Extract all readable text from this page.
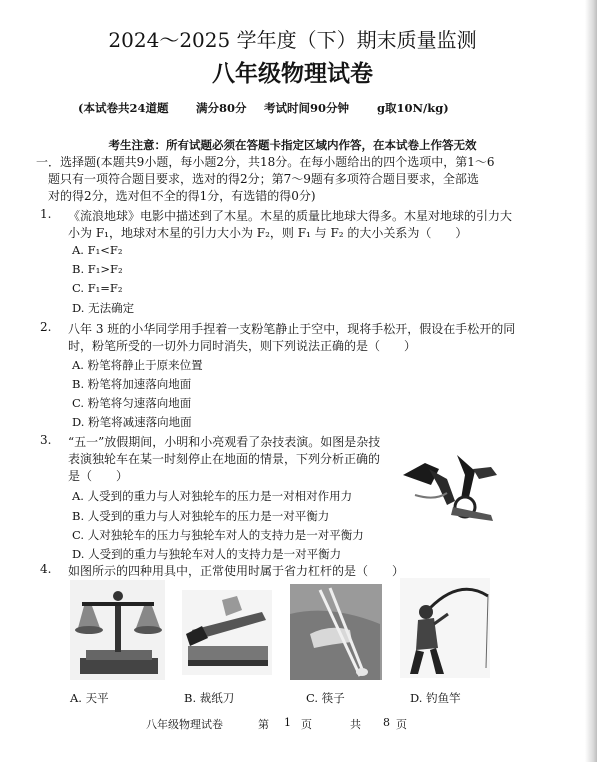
2024～2025 学年度（下）期末质量监测
八年级物理试卷
(本试卷共24道题 满分80分 考试时间90分钟 g取10N/kg)
考生注意：所有试题必须在答题卡指定区域内作答，在本试卷上作答无效
一．选择题(本题共9小题，每小题2分，共18分。在每小题给出的四个选项中，第1～6
题只有一项符合题目要求，选对的得2分；第7～9题有多项符合题目要求，全部选
对的得2分，选对但不全的得1分，有选错的得0分)
1. 《流浪地球》电影中描述到了木星。木星的质量比地球大得多。木星对地球的引力大
小为 F₁，地球对木星的引力大小为 F₂，则 F₁ 与 F₂ 的大小关系为（　　）
A. F₁<F₂
B. F₁>F₂
C. F₁=F₂
D. 无法确定
2. 八年 3 班的小华同学用手捏着一支粉笔静止于空中，现将手松开，假设在手松开的同
时，粉笔所受的一切外力同时消失，则下列说法正确的是（　　）
A. 粉笔将静止于原来位置
B. 粉笔将加速落向地面
C. 粉笔将匀速落向地面
D. 粉笔将减速落向地面
3. “五一”放假期间，小明和小亮观看了杂技表演。如图是杂技
表演独轮车在某一时刻停止在地面的情景，下列分析正确的
是（　　）
A. 人受到的重力与人对独轮车的压力是一对相对作用力
B. 人受到的重力与人对独轮车的压力是一对平衡力
C. 人对独轮车的压力与独轮车对人的支持力是一对平衡力
D. 人受到的重力与独轮车对人的支持力是一对平衡力
4. 如图所示的四种用具中，正常使用时属于省力杠杆的是（　　）
A. 天平	B. 裁纸刀	C. 筷子	D. 钓鱼竿
八年级物理试卷	第 1 页	共 8 页
